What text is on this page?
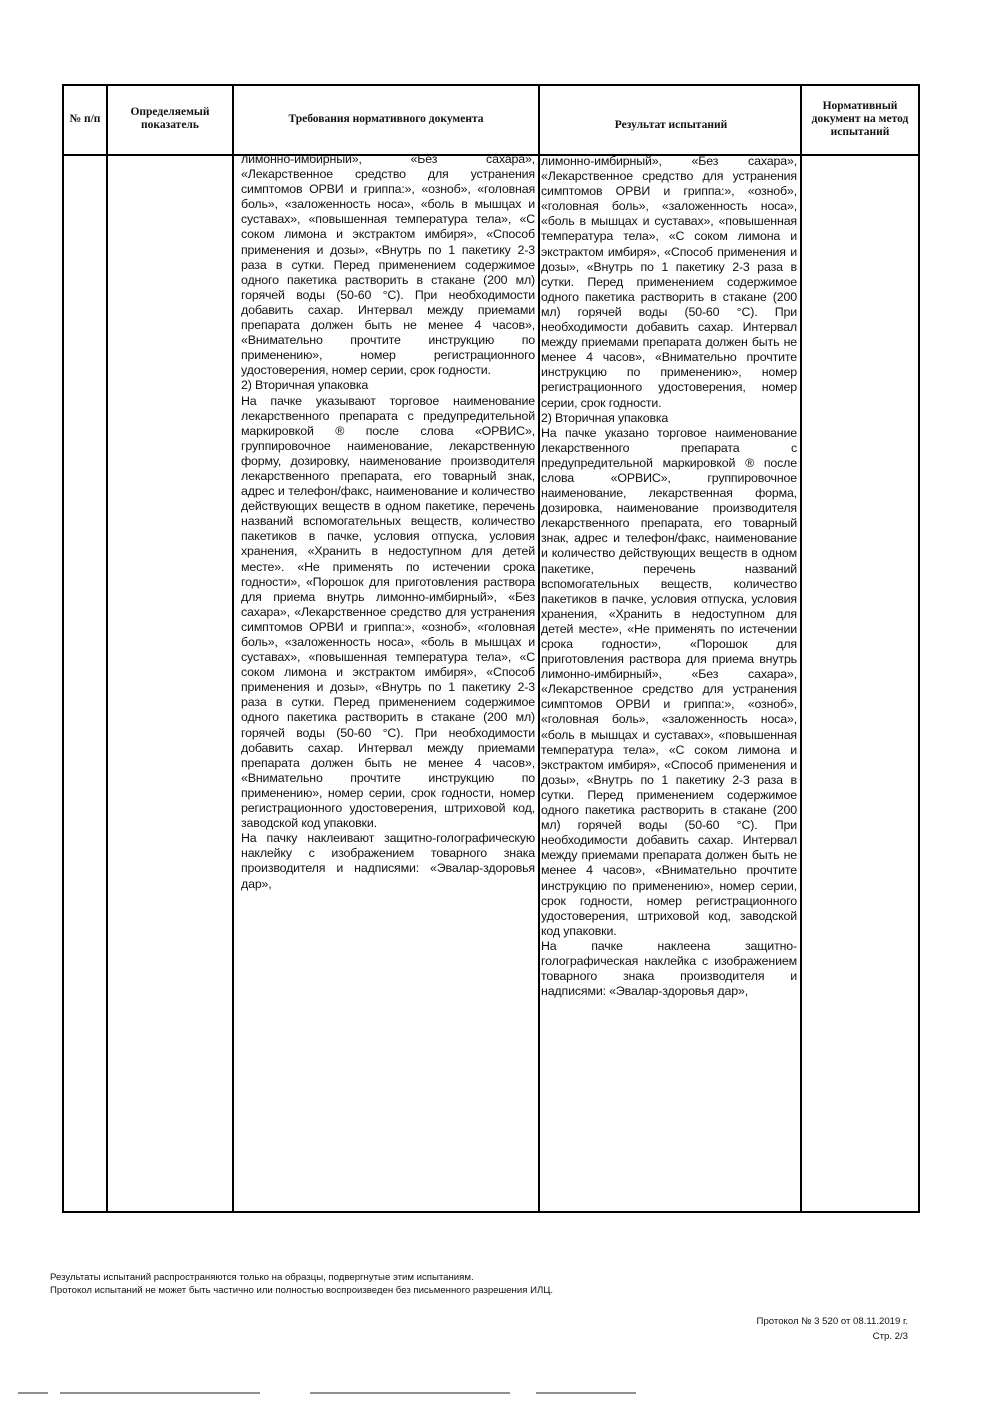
№ п/п
Определяемый показатель
Требования нормативного документа	Результат испытаний
Нормативный документ на метод испытаний

лимонно-имбирный», «Без сахара», «Лекарственное средство для устранения симптомов ОРВИ и гриппа:», «озноб», «головная боль», «заложенность носа», «боль в мышцах и суставах», «повышенная температура тела», «С соком лимона и экстрактом имбиря», «Способ применения и дозы», «Внутрь по 1 пакетику 2-3 раза в сутки. Перед применением содержимое одного пакетика растворить в стакане (200 мл) горячей воды (50-60 °С). При необходимости добавить сахар. Интервал между приемами препарата должен быть не менее 4 часов», «Внимательно прочтите инструкцию по применению», номер регистрационного удостоверения, номер серии, срок годности.

2) Вторичная упаковка

На пачке указывают торговое наименование лекарственного препарата с предупредительной маркировкой ® после слова «ОРВИС», группировочное наименование, лекарственную форму, дозировку, наименование производителя лекарственного препарата, его товарный знак, адрес и телефон/факс, наименование и количество действующих веществ в одном пакетике, перечень названий вспомогательных веществ, количество пакетиков в пачке, условия отпуска, условия хранения, «Хранить в недоступном для детей месте». «Не применять по истечении срока годности», «Порошок для приготовления раствора для приема внутрь лимонно-имбирный», «Без сахара», «Лекарственное средство для устранения симптомов ОРВИ и гриппа:», «озноб», «головная боль», «заложенность носа», «боль в мышцах и суставах», «повышенная температура тела», «С соком лимона и экстрактом имбиря», «Способ применения и дозы», «Внутрь по 1 пакетику 2-3 раза в сутки. Перед применением содержимое одного пакетика растворить в стакане (200 мл) горячей воды (50-60 °С). При необходимости добавить сахар. Интервал между приемами препарата должен быть не менее 4 часов», «Внимательно прочтите инструкцию по применению», номер серии, срок годности, номер регистрационного удостоверения, штриховой код, заводской код упаковки.

На пачку наклеивают защитно-голографическую наклейку с изображением товарного знака производителя и надписями: «Эвалар-здоровья дар»,

лимонно-имбирный», «Без сахара», «Лекарственное средство для устранения симптомов ОРВИ и гриппа:», «озноб», «головная боль», «заложенность носа», «боль в мышцах и суставах», «повышенная температура тела», «С соком лимона и экстрактом имбиря», «Способ применения и дозы», «Внутрь по 1 пакетику 2-3 раза в сутки. Перед применением содержимое одного пакетика растворить в стакане (200 мл) горячей воды (50-60 °С). При необходимости добавить сахар. Интервал между приемами препарата должен быть не менее 4 часов», «Внимательно прочтите инструкцию по применению», номер регистрационного удостоверения, номер серии, срок годности.

2) Вторичная упаковка

На пачке указано торговое наименование лекарственного препарата с предупредительной маркировкой ® после слова «ОРВИС», группировочное наименование, лекарственная форма, дозировка, наименование производителя лекарственного препарата, его товарный знак, адрес и телефон/факс, наименование и количество действующих веществ в одном пакетике, перечень названий вспомогательных веществ, количество пакетиков в пачке, условия отпуска, условия хранения, «Хранить в недоступном для детей месте», «Не применять по истечении срока годности», «Порошок для приготовления раствора для приема внутрь лимонно-имбирный», «Без сахара», «Лекарственное средство для устранения симптомов ОРВИ и гриппа:», «озноб», «головная боль», «заложенность носа», «боль в мышцах и суставах», «повышенная температура тела», «С соком лимона и экстрактом имбиря», «Способ применения и дозы», «Внутрь по 1 пакетику 2-3 раза в сутки. Перед применением содержимое одного пакетика растворить в стакане (200 мл) горячей воды (50-60 °С). При необходимости добавить сахар. Интервал между приемами препарата должен быть не менее 4 часов», «Внимательно прочтите инструкцию по применению», номер серии, срок годности, номер регистрационного удостоверения, штриховой код, заводской код упаковки.

На пачке наклеена защитно-голографическая наклейка с изображением товарного знака производителя и надписями: «Эвалар-здоровья дар»,

Результаты испытаний распространяются только на образцы, подвергнутые этим испытаниям.
Протокол испытаний не может быть частично или полностью воспроизведен без письменного разрешения ИЛЦ.
Протокол № 3 520 от 08.11.2019 г.
Стр. 2/3
